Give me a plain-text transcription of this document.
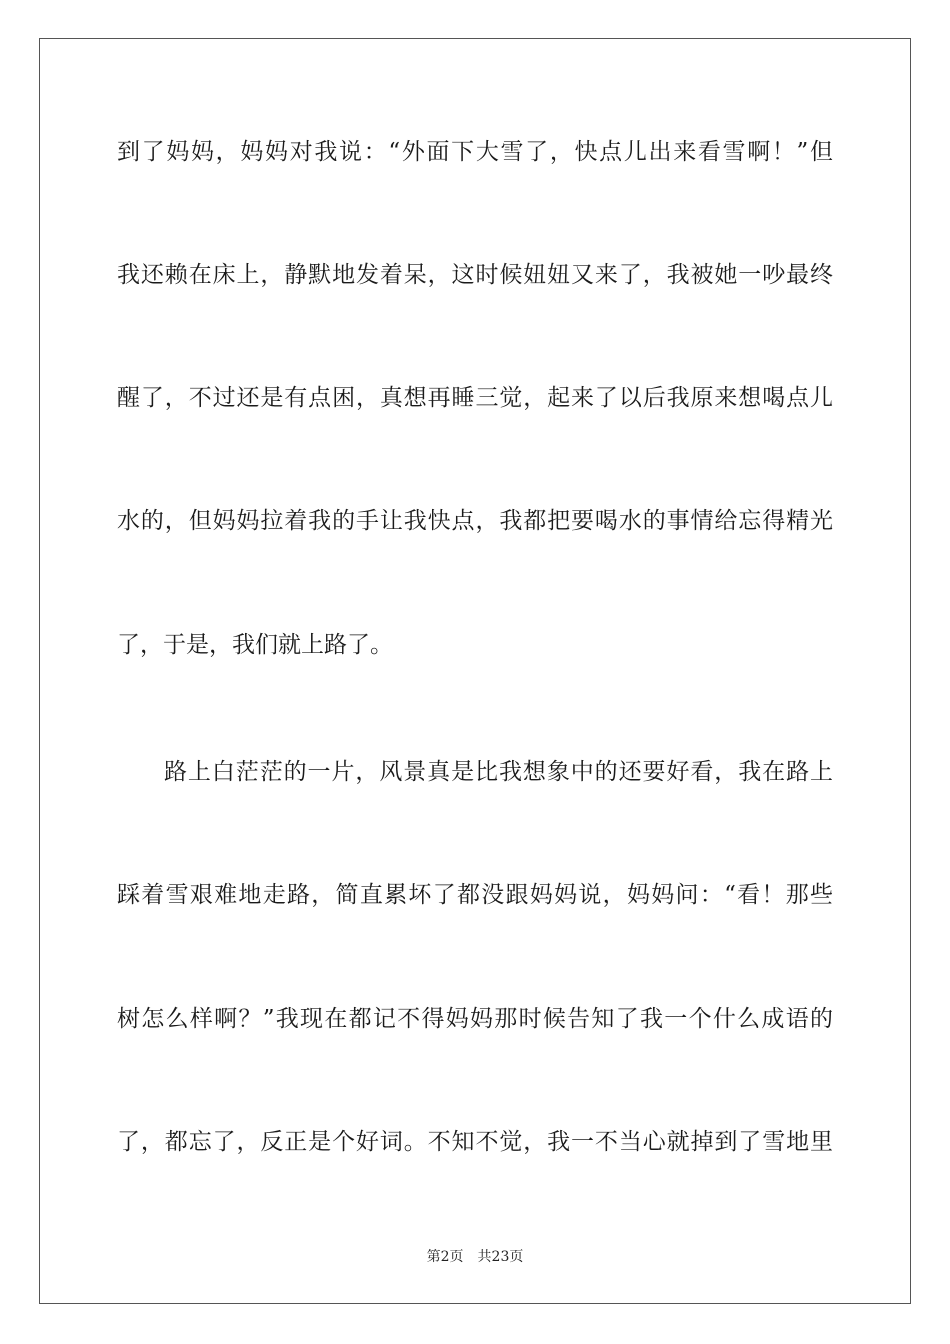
到了妈妈，妈妈对我说：“外面下大雪了，快点儿出来看雪啊！”但
我还赖在床上，静默地发着呆，这时候妞妞又来了，我被她一吵最终
醒了，不过还是有点困，真想再睡三觉，起来了以后我原来想喝点儿
水的，但妈妈拉着我的手让我快点，我都把要喝水的事情给忘得精光
了，于是，我们就上路了。
路上白茫茫的一片，风景真是比我想象中的还要好看，我在路上
踩着雪艰难地走路，简直累坏了都没跟妈妈说，妈妈问：“看！那些
树怎么样啊？”我现在都记不得妈妈那时候告知了我一个什么成语的
了，都忘了，反正是个好词。不知不觉，我一不当心就掉到了雪地里
第2页 共23页
